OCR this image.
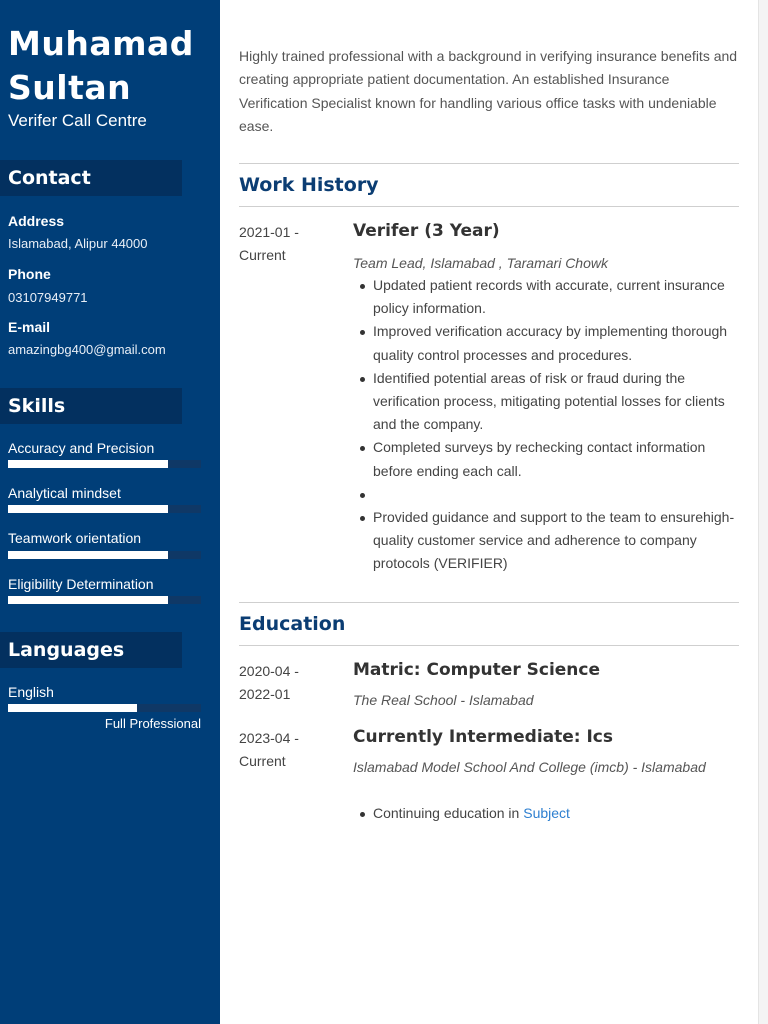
Muhamad
Sultan
Verifer Call Centre
Contact
Address
Islamabad, Alipur 44000
Phone
03107949771
E-mail
amazingbg400@gmail.com
Skills
Accuracy and Precision
Analytical mindset
Teamwork orientation
Eligibility Determination
Languages
English
Full Professional

Highly trained professional with a background in verifying insurance benefits and creating appropriate patient documentation. An established Insurance Verification Specialist known for handling various office tasks with undeniable ease.

Work History
2021-01 -
Current
Verifer (3 Year)
Team Lead, Islamabad , Taramari Chowk
Updated patient records with accurate, current insurance policy information.
Improved verification accuracy by implementing thorough quality control processes and procedures.
Identified potential areas of risk or fraud during the verification process, mitigating potential losses for clients and the company.
Completed surveys by rechecking contact information before ending each call.
Provided guidance and support to the team to ensurehigh-quality customer service and adherence to company protocols (VERIFIER)
Education
2020-04 -
2022-01
Matric: Computer Science
The Real School - Islamabad
2023-04 -
Current
Currently Intermediate: Ics
Islamabad Model School And College (imcb) - Islamabad
Continuing education in Subject
